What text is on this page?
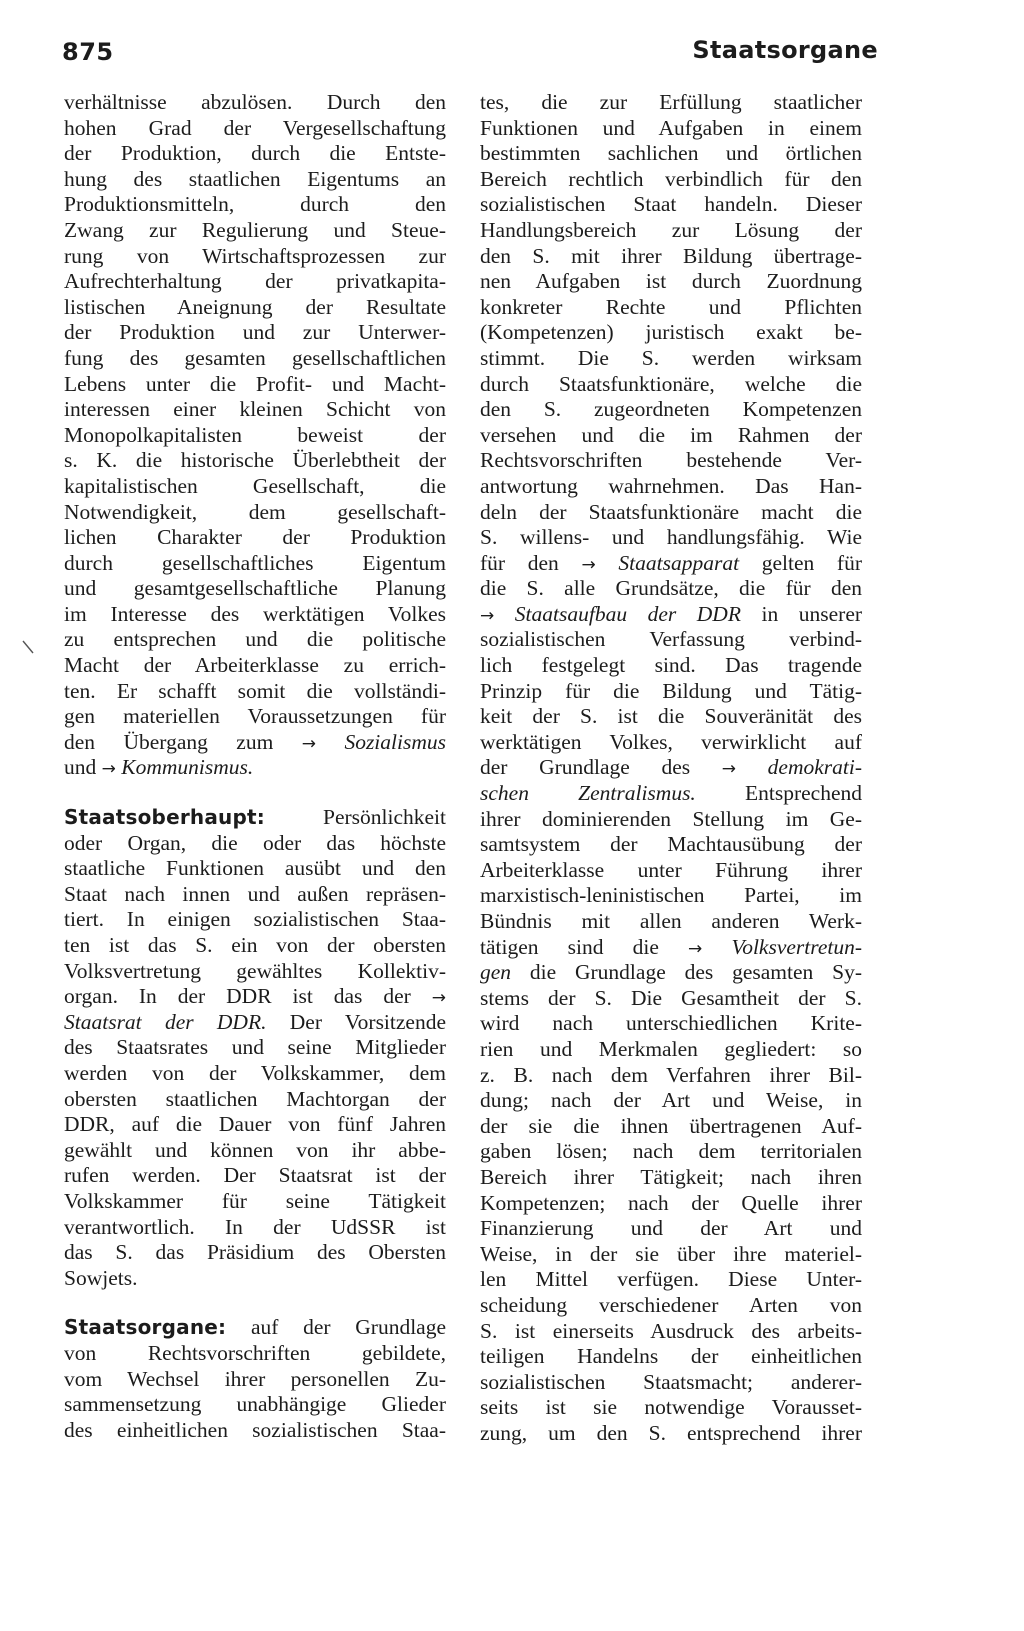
875	Staatsorgane
verhältnisse abzulösen. Durch den
hohen Grad der Vergesellschaftung
der Produktion, durch die Entste-
hung des staatlichen Eigentums an
Produktionsmitteln, durch den
Zwang zur Regulierung und Steue-
rung von Wirtschaftsprozessen zur
Aufrechterhaltung der privatkapita-
listischen Aneignung der Resultate
der Produktion und zur Unterwer-
fung des gesamten gesellschaftlichen
Lebens unter die Profit- und Macht-
interessen einer kleinen Schicht von
Monopolkapitalisten beweist der
s. K. die historische Überlebtheit der
kapitalistischen Gesellschaft, die
Notwendigkeit, dem gesellschaft-
lichen Charakter der Produktion
durch gesellschaftliches Eigentum
und gesamtgesellschaftliche Planung
im Interesse des werktätigen Volkes
zu entsprechen und die politische
Macht der Arbeiterklasse zu errich-
ten. Er schafft somit die vollständi-
gen materiellen Voraussetzungen für
den Übergang zum → Sozialismus
und → Kommunismus.
Staatsoberhaupt:	Persönlichkeit
oder Organ, die oder das höchste
staatliche Funktionen ausübt und den
Staat nach innen und außen repräsen-
tiert. In einigen sozialistischen Staa-
ten ist das S. ein von der obersten
Volksvertretung gewähltes Kollektiv-
organ. In der DDR ist das der →
Staatsrat der DDR. Der Vorsitzende
des Staatsrates und seine Mitglieder
werden von der Volkskammer, dem
obersten staatlichen Machtorgan der
DDR, auf die Dauer von fünf Jahren
gewählt und können von ihr abbe-
rufen werden. Der Staatsrat ist der
Volkskammer für seine Tätigkeit
verantwortlich. In der UdSSR ist
das S. das Präsidium des Obersten
Sowjets.
Staatsorgane: auf der Grundlage
von Rechtsvorschriften gebildete,
vom Wechsel ihrer personellen Zu-
sammensetzung unabhängige Glieder
des einheitlichen sozialistischen Staa-
tes, die zur Erfüllung staatlicher
Funktionen und Aufgaben in einem
bestimmten sachlichen und örtlichen
Bereich rechtlich verbindlich für den
sozialistischen Staat handeln. Dieser
Handlungsbereich zur Lösung der
den S. mit ihrer Bildung übertrage-
nen Aufgaben ist durch Zuordnung
konkreter Rechte und Pflichten
(Kompetenzen) juristisch exakt be-
stimmt. Die S. werden wirksam
durch Staatsfunktionäre, welche die
den S. zugeordneten Kompetenzen
versehen und die im Rahmen der
Rechtsvorschriften bestehende Ver-
antwortung wahrnehmen. Das Han-
deln der Staatsfunktionäre macht die
S. willens- und handlungsfähig. Wie
für den → Staatsapparat gelten für
die S. alle Grundsätze, die für den
→ Staatsaufbau der DDR in unserer
sozialistischen Verfassung verbind-
lich festgelegt sind. Das tragende
Prinzip für die Bildung und Tätig-
keit der S. ist die Souveränität des
werktätigen Volkes, verwirklicht auf
der Grundlage des → demokrati-
schen Zentralismus. Entsprechend
ihrer dominierenden Stellung im Ge-
samtsystem der Machtausübung der
Arbeiterklasse unter Führung ihrer
marxistisch-leninistischen Partei, im
Bündnis mit allen anderen Werk-
tätigen sind die → Volksvertretun-
gen die Grundlage des gesamten Sy-
stems der S. Die Gesamtheit der S.
wird nach unterschiedlichen Krite-
rien und Merkmalen gegliedert: so
z. B. nach dem Verfahren ihrer Bil-
dung; nach der Art und Weise, in
der sie die ihnen übertragenen Auf-
gaben lösen; nach dem territorialen
Bereich ihrer Tätigkeit; nach ihren
Kompetenzen; nach der Quelle ihrer
Finanzierung und der Art und
Weise, in der sie über ihre materiel-
len Mittel verfügen. Diese Unter-
scheidung verschiedener Arten von
S. ist einerseits Ausdruck des arbeits-
teiligen Handelns der einheitlichen
sozialistischen Staatsmacht; anderer-
seits ist sie notwendige Vorausset-
zung, um den S. entsprechend ihrer
